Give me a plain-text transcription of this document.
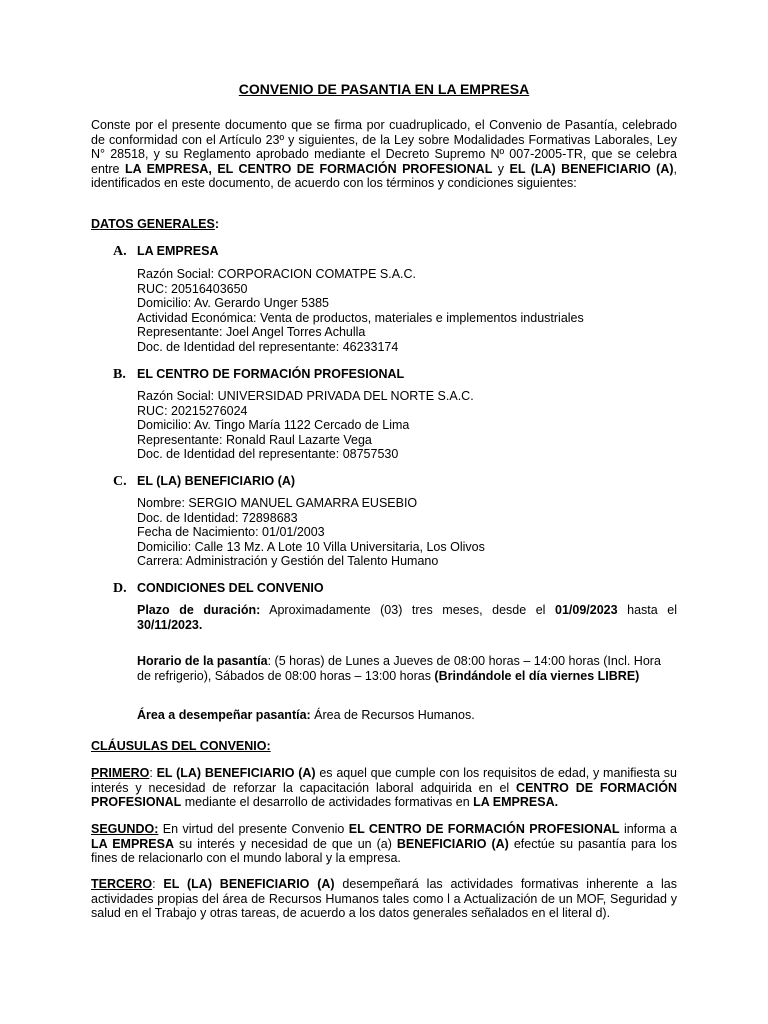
CONVENIO DE PASANTIA EN LA EMPRESA

Conste por el presente documento que se firma por cuadruplicado, el Convenio de Pasantía, celebrado de conformidad con el Artículo 23º y siguientes, de la Ley sobre Modalidades Formativas Laborales, Ley N° 28518, y su Reglamento aprobado mediante el Decreto Supremo Nº 007-2005-TR, que se celebra entre LA EMPRESA, EL CENTRO DE FORMACIÓN PROFESIONAL y EL (LA) BENEFICIARIO (A), identificados en este documento, de acuerdo con los términos y condiciones siguientes:

DATOS GENERALES:
A. LA EMPRESA
Razón Social: CORPORACION COMATPE S.A.C.
RUC: 20516403650
Domicilio: Av. Gerardo Unger 5385
Actividad Económica: Venta de productos, materiales e implementos industriales
Representante: Joel Angel Torres Achulla
Doc. de Identidad del representante: 46233174
B. EL CENTRO DE FORMACIÓN PROFESIONAL
Razón Social: UNIVERSIDAD PRIVADA DEL NORTE S.A.C.
RUC: 20215276024
Domicilio: Av. Tingo María 1122 Cercado de Lima
Representante: Ronald Raul Lazarte Vega
Doc. de Identidad del representante: 08757530
C. EL (LA) BENEFICIARIO (A)
Nombre: SERGIO MANUEL GAMARRA EUSEBIO
Doc. de Identidad: 72898683
Fecha de Nacimiento: 01/01/2003
Domicilio: Calle 13 Mz. A Lote 10 Villa Universitaria, Los Olivos
Carrera: Administración y Gestión del Talento Humano
D. CONDICIONES DEL CONVENIO

Plazo de duración: Aproximadamente (03) tres meses, desde el 01/09/2023 hasta el 30/11/2023.

Horario de la pasantía: (5 horas) de Lunes a Jueves de 08:00 horas – 14:00 horas (Incl. Hora de refrigerio), Sábados de 08:00 horas – 13:00 horas (Brindándole el día viernes LIBRE)

Área a desempeñar pasantía: Área de Recursos Humanos.

CLÁUSULAS DEL CONVENIO:

PRIMERO: EL (LA) BENEFICIARIO (A) es aquel que cumple con los requisitos de edad, y manifiesta su interés y necesidad de reforzar la capacitación laboral adquirida en el CENTRO DE FORMACIÓN PROFESIONAL mediante el desarrollo de actividades formativas en LA EMPRESA.

SEGUNDO: En virtud del presente Convenio EL CENTRO DE FORMACIÓN PROFESIONAL informa a LA EMPRESA su interés y necesidad de que un (a) BENEFICIARIO (A) efectúe su pasantía para los fines de relacionarlo con el mundo laboral y la empresa.

TERCERO: EL (LA) BENEFICIARIO (A) desempeñará las actividades formativas inherente a las actividades propias del área de Recursos Humanos tales como l a Actualización de un MOF, Seguridad y salud en el Trabajo y otras tareas, de acuerdo a los datos generales señalados en el literal d).
